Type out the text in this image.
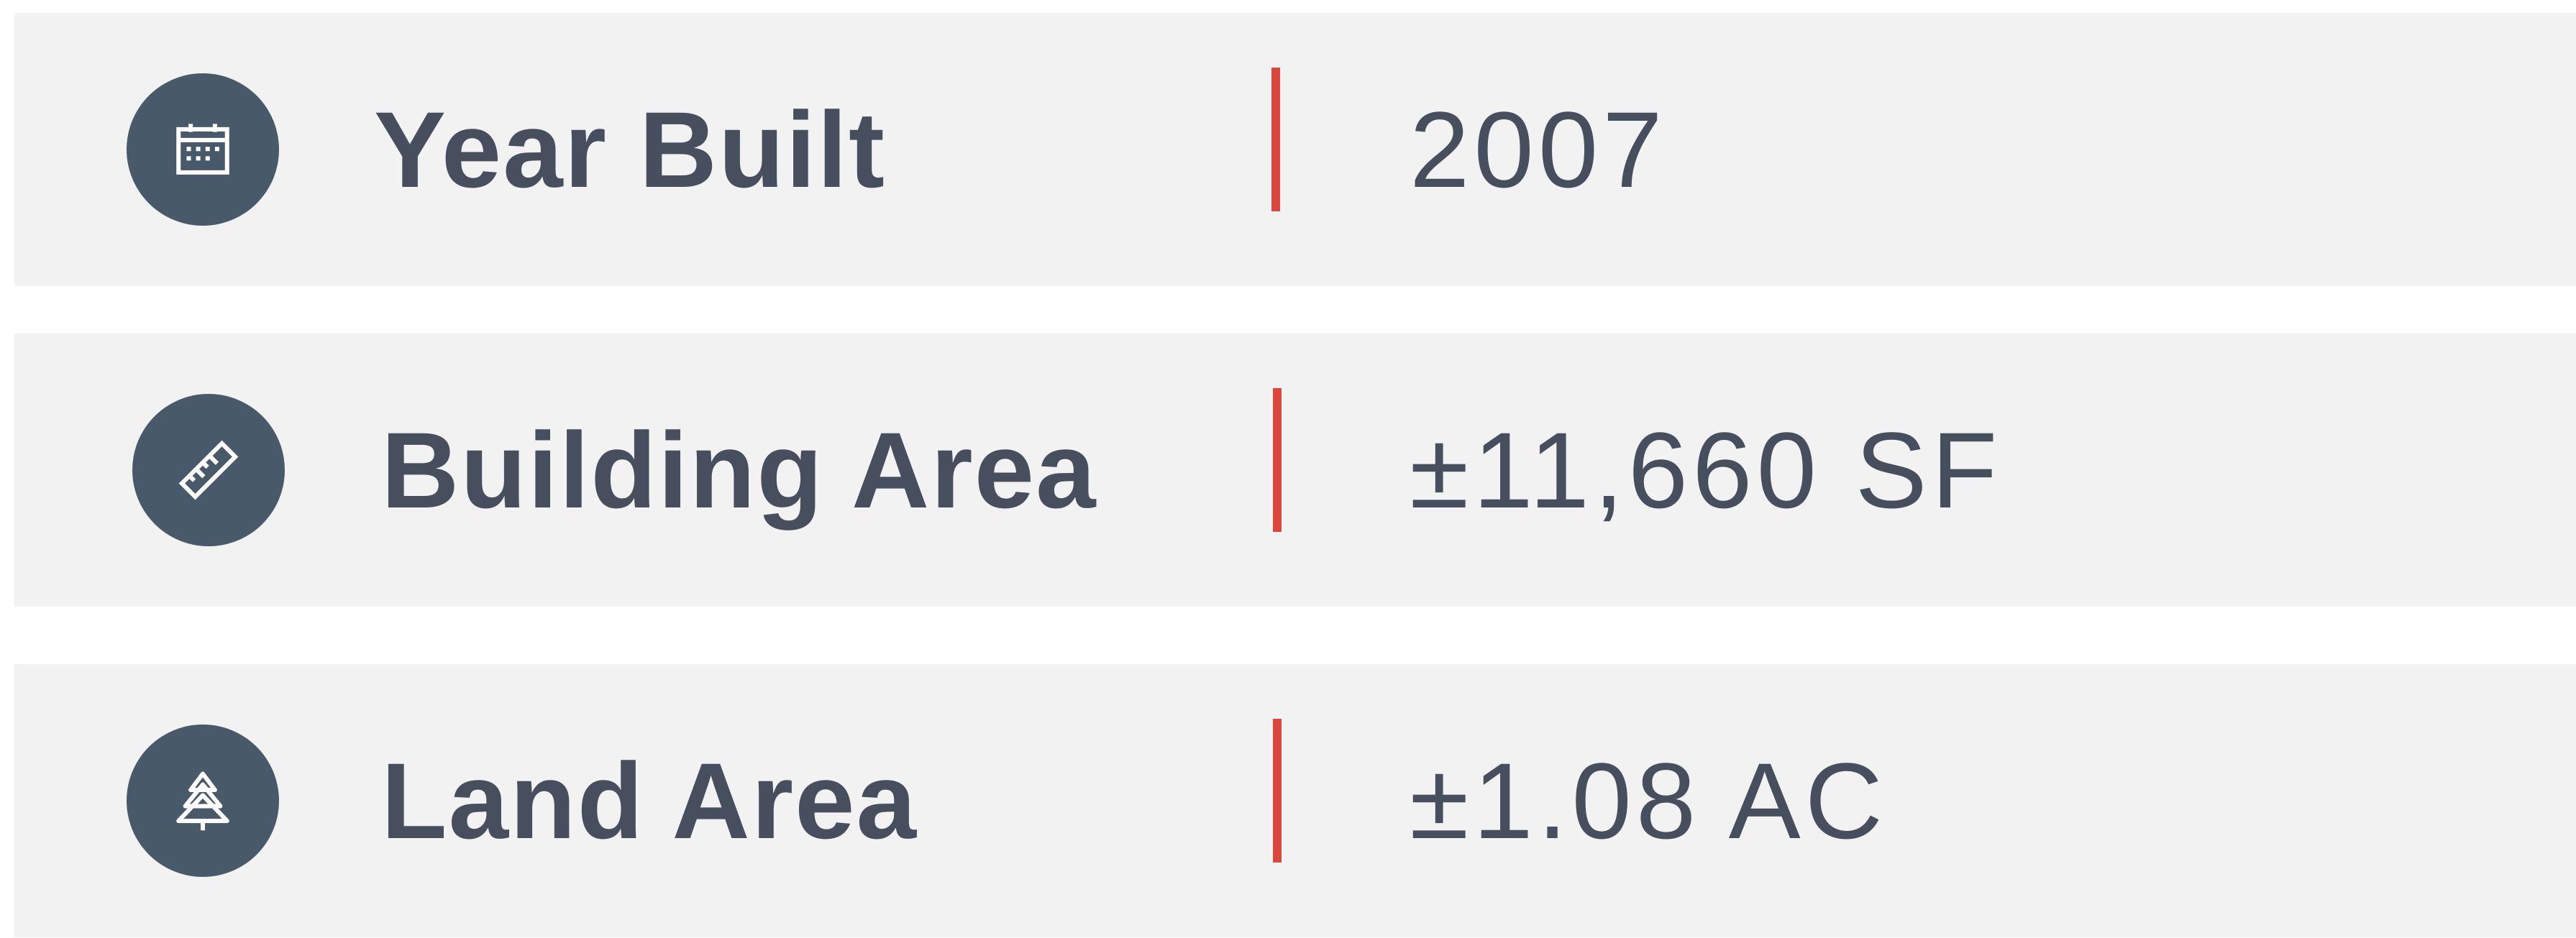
Year Built	2007
Building Area	±11,660 SF
Land Area	±1.08 AC
